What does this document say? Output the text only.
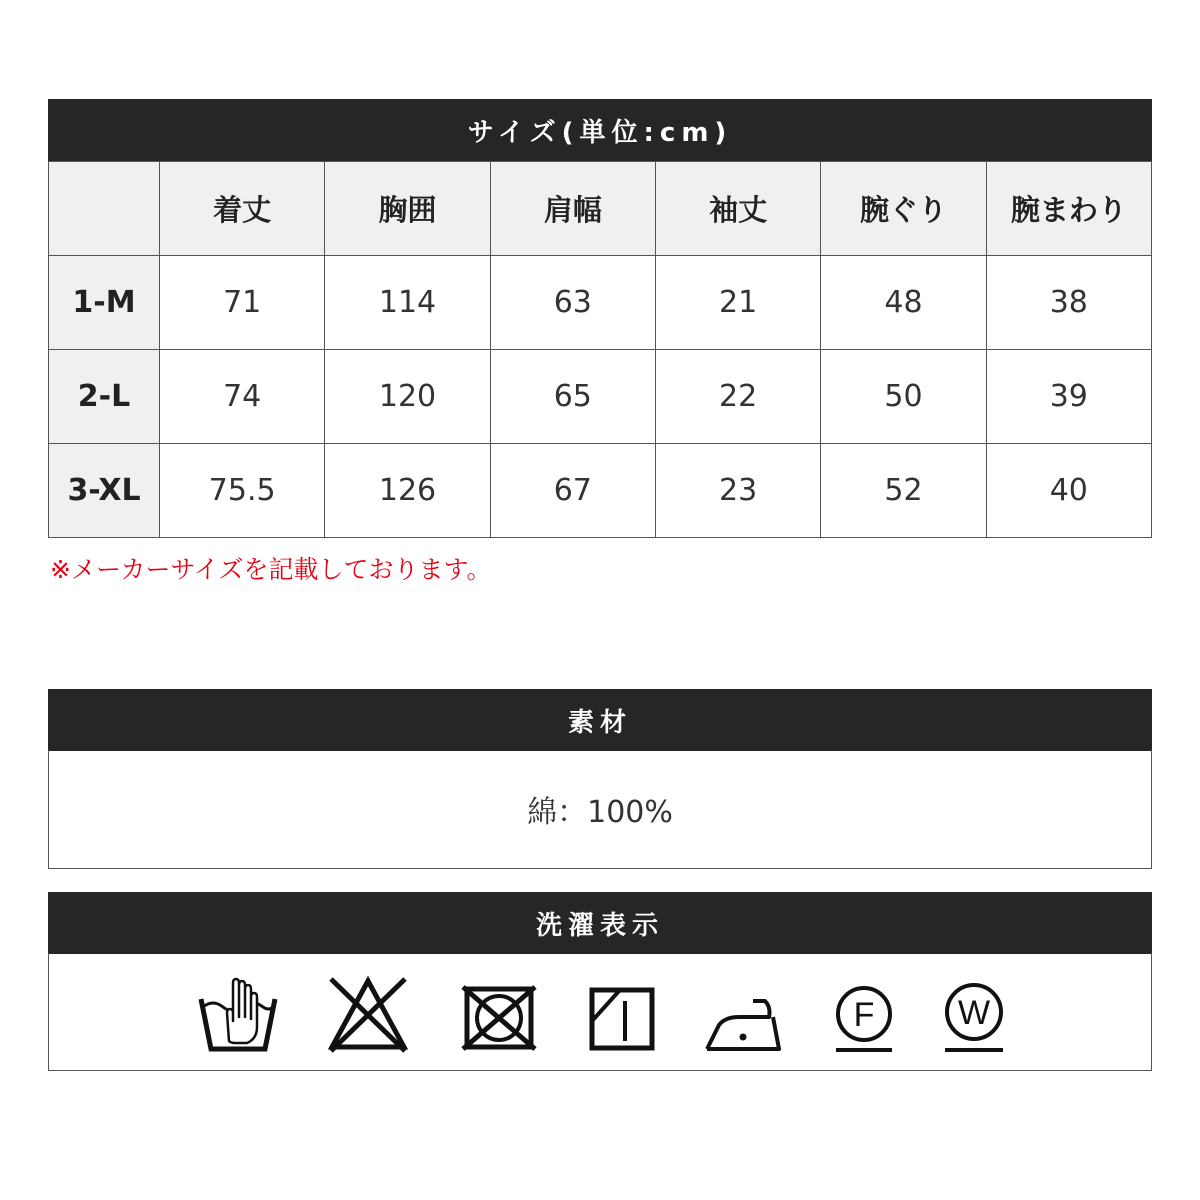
サイズ(単位:cm)
	着丈	胸囲	肩幅	袖丈	腕ぐり	腕まわり
1-M	71	114	63	21	48	38
2-L	74	120	65	22	50	39
3-XL	75.5	126	67	23	52	40
※メーカーサイズを記載しております。
素材
綿：100%
洗濯表示
F W
